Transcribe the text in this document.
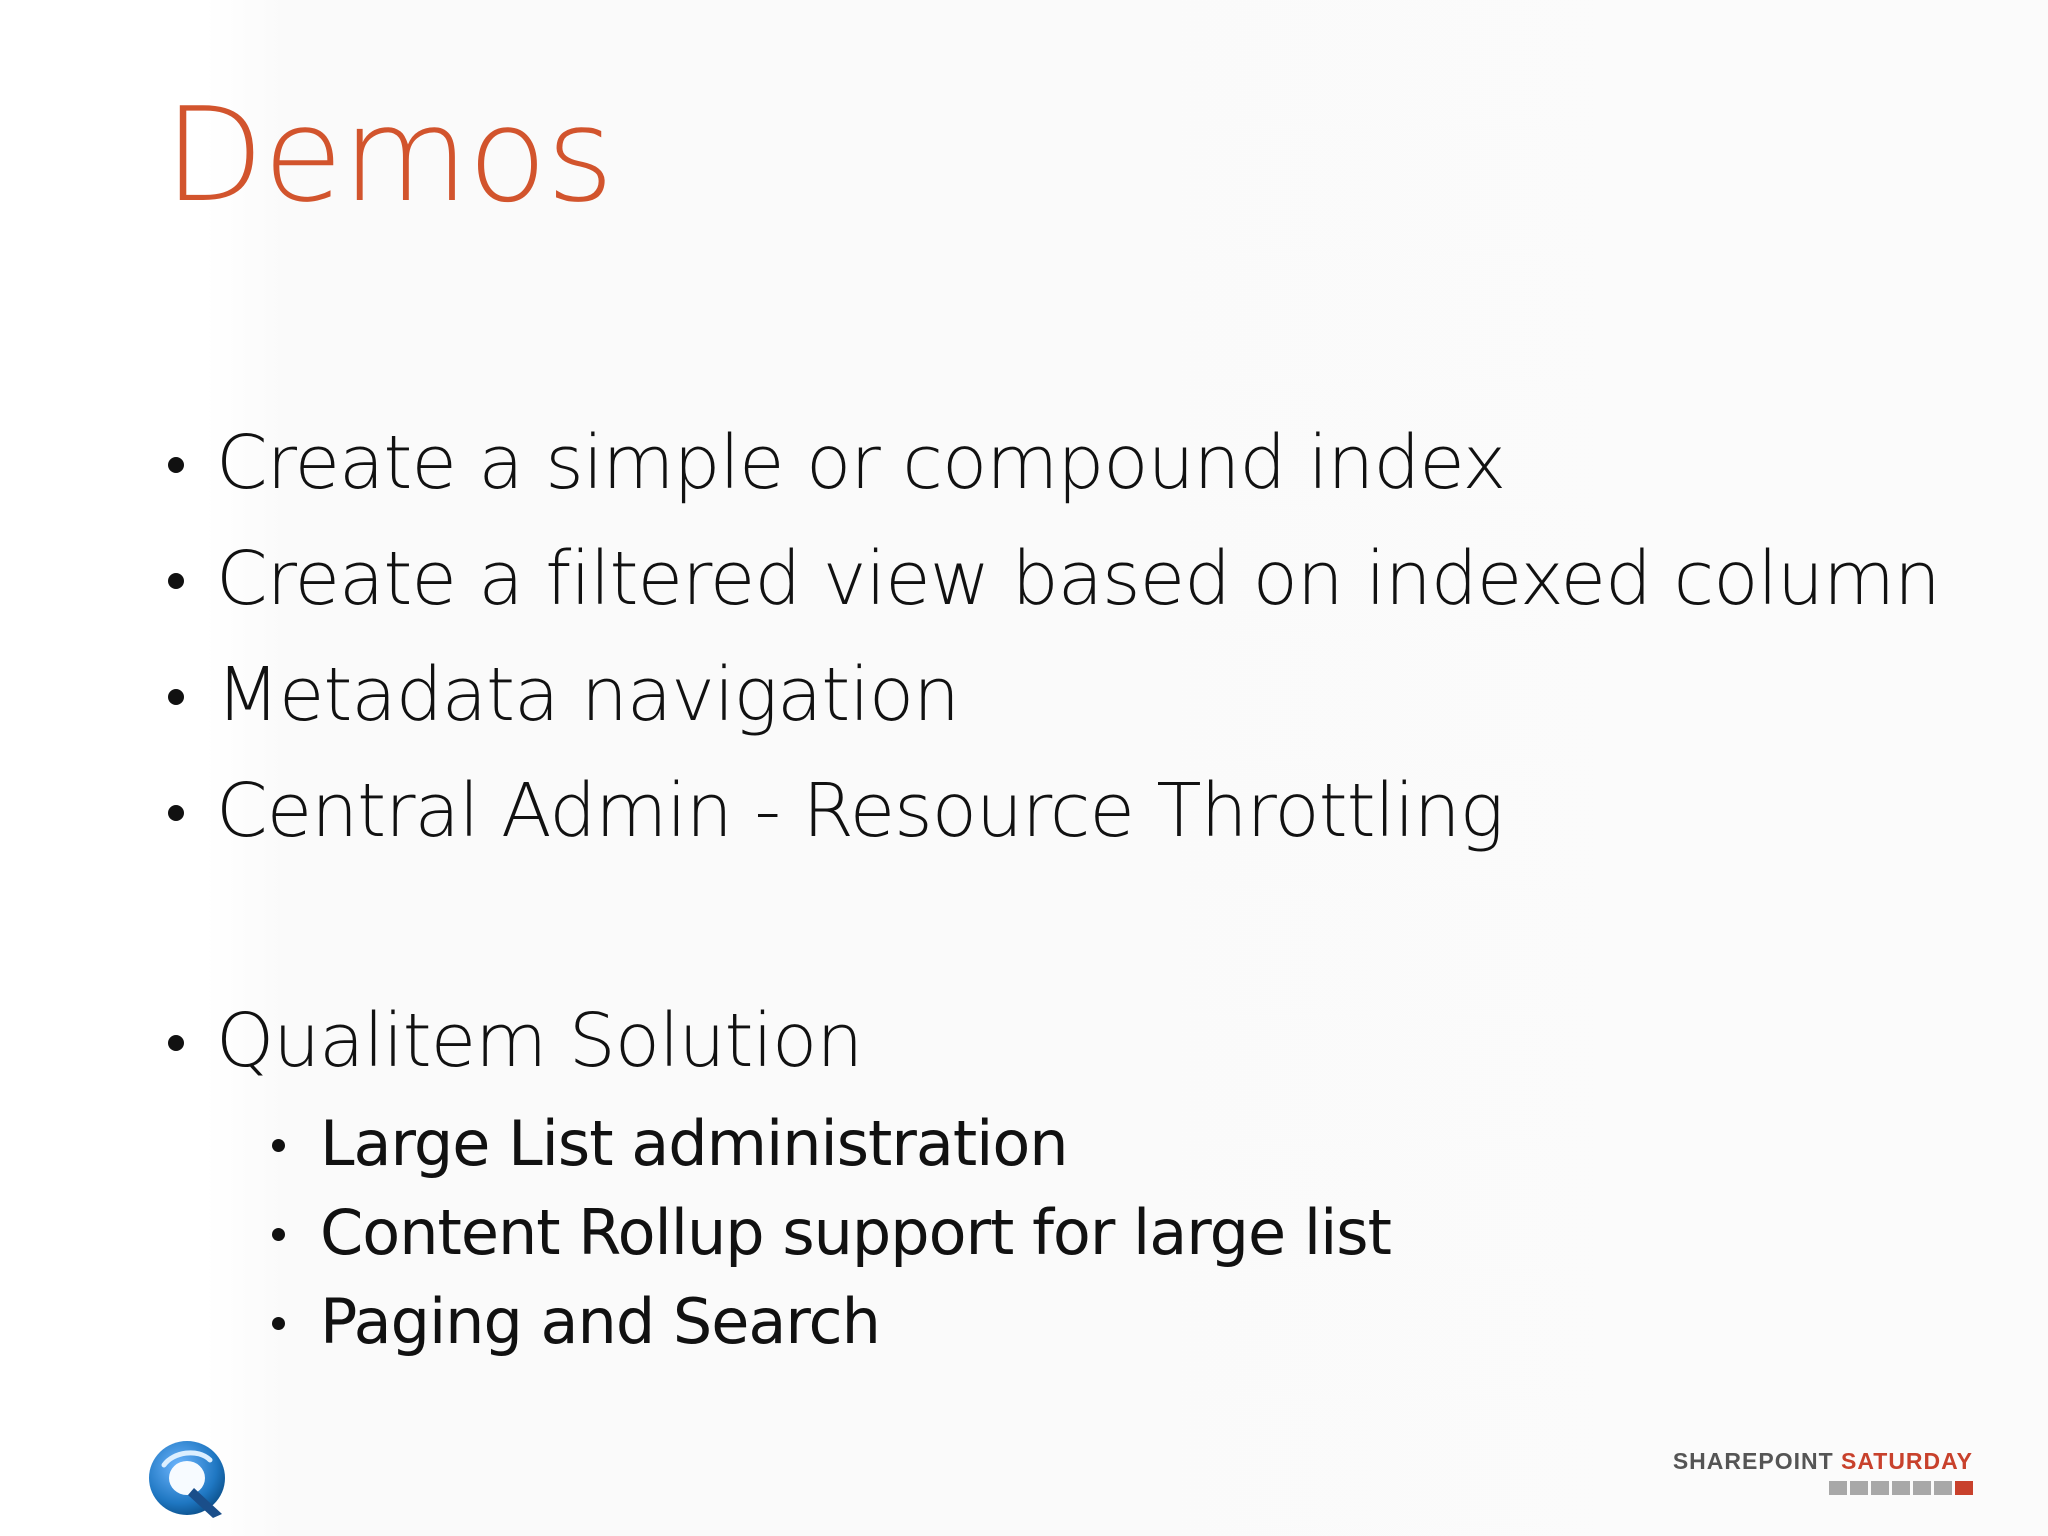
Demos
Create a simple or compound index
Create a filtered view based on indexed column
Metadata navigation
Central Admin - Resource Throttling
Qualitem Solution
Large List administration
Content Rollup support for large list
Paging and Search
SHAREPOINT SATURDAY
